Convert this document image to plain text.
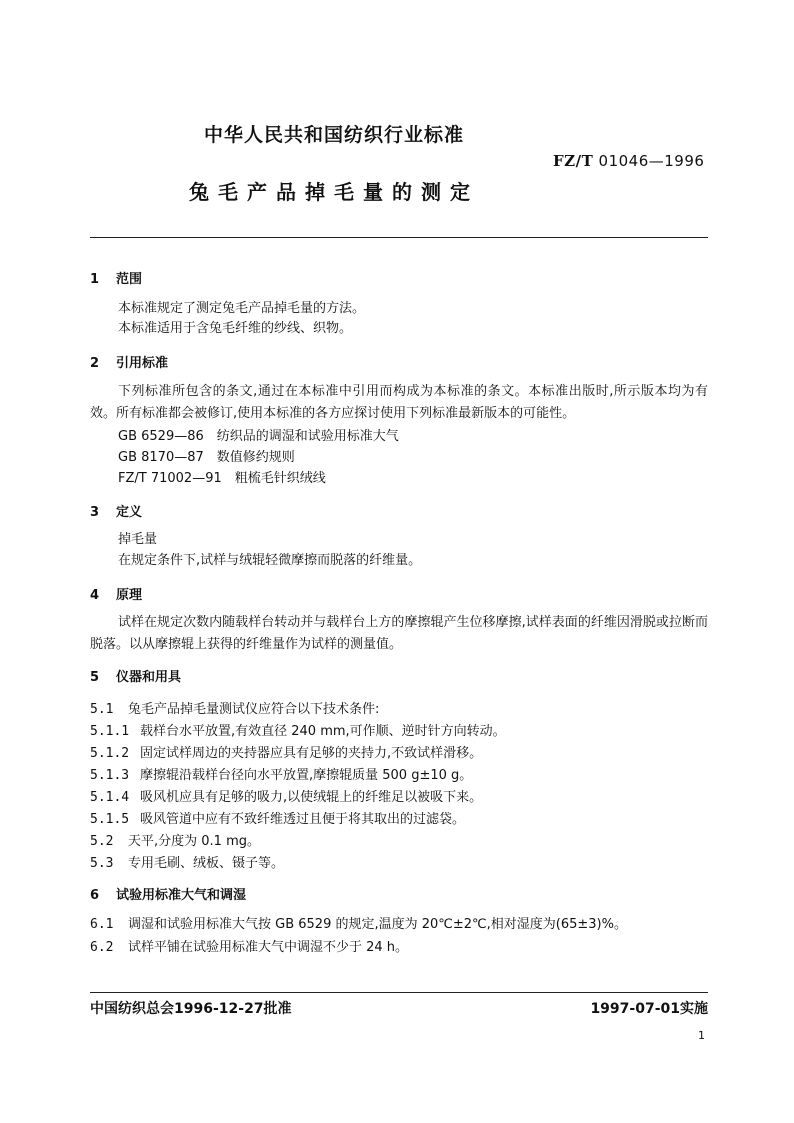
中华人民共和国纺织行业标准
FZ/T 01046—1996
兔毛产品掉毛量的测定
1 范围
本标准规定了测定兔毛产品掉毛量的方法。
本标准适用于含兔毛纤维的纱线、织物。
2 引用标准
下列标准所包含的条文,通过在本标准中引用而构成为本标准的条文。本标准出版时,所示版本均为有效。所有标准都会被修订,使用本标准的各方应探讨使用下列标准最新版本的可能性。
GB 6529—86　纺织品的调湿和试验用标准大气
GB 8170—87　数值修约规则
FZ/T 71002—91　粗梳毛针织绒线
3 定义
掉毛量
在规定条件下,试样与绒辊轻微摩擦而脱落的纤维量。
4 原理
试样在规定次数内随载样台转动并与载样台上方的摩擦辊产生位移摩擦,试样表面的纤维因滑脱或拉断而脱落。以从摩擦辊上获得的纤维量作为试样的测量值。
5 仪器和用具
5.1 兔毛产品掉毛量测试仪应符合以下技术条件:
5.1.1 载样台水平放置,有效直径 240 mm,可作顺、逆时针方向转动。
5.1.2 固定试样周边的夹持器应具有足够的夹持力,不致试样滑移。
5.1.3 摩擦辊沿载样台径向水平放置,摩擦辊质量 500 g±10 g。
5.1.4 吸风机应具有足够的吸力,以使绒辊上的纤维足以被吸下来。
5.1.5 吸风管道中应有不致纤维透过且便于将其取出的过滤袋。
5.2 天平,分度为 0.1 mg。
5.3 专用毛刷、绒板、镊子等。
6 试验用标准大气和调湿
6.1 调湿和试验用标准大气按 GB 6529 的规定,温度为 20℃±2℃,相对湿度为(65±3)%。
6.2 试样平铺在试验用标准大气中调湿不少于 24 h。
中国纺织总会1996-12-27批准	1997-07-01实施
1
